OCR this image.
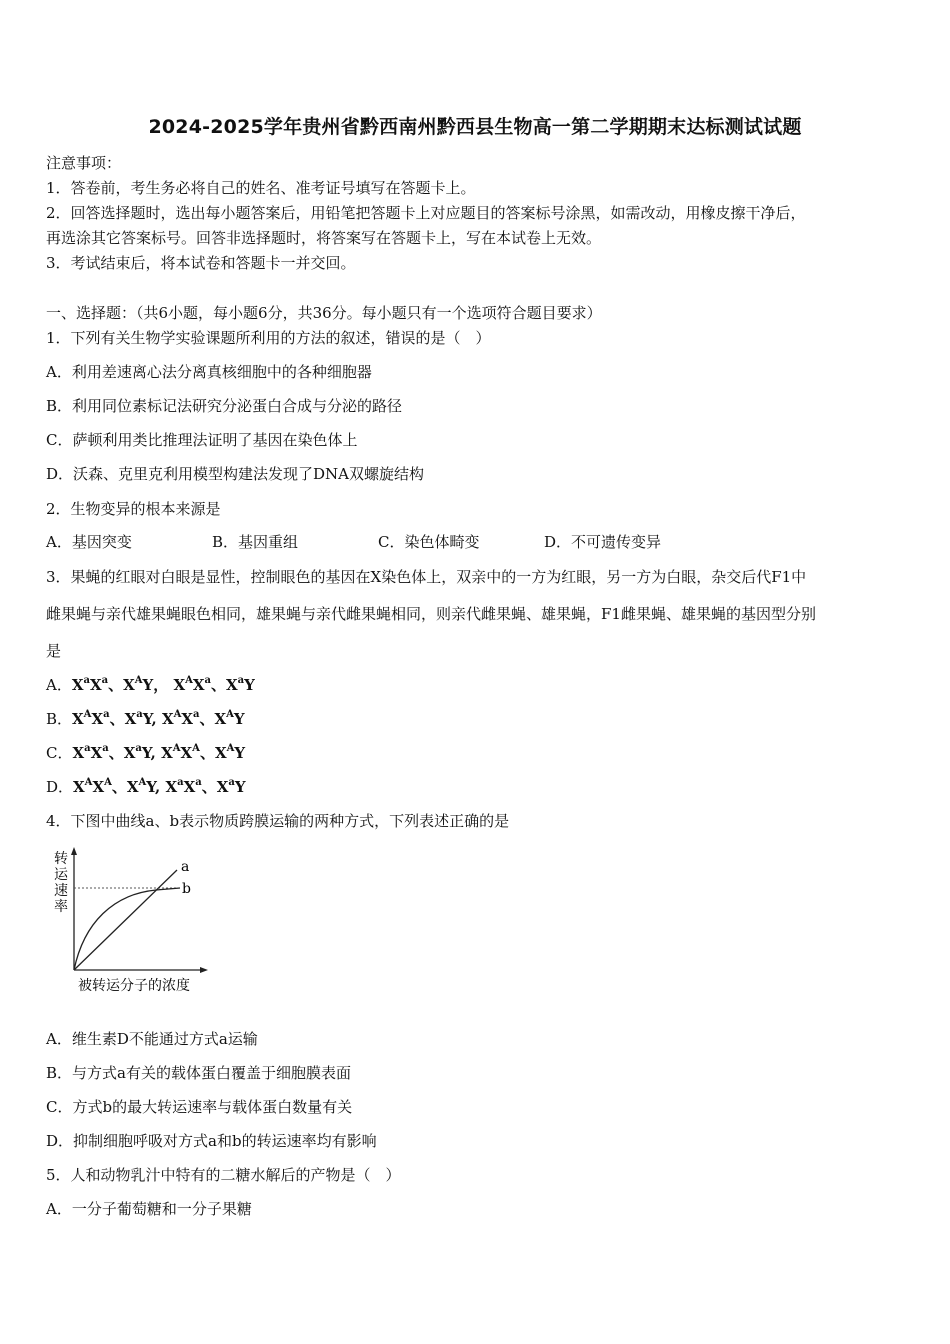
2024-2025学年贵州省黔西南州黔西县生物高一第二学期期末达标测试试题
注意事项：
1．答卷前，考生务必将自己的姓名、准考证号填写在答题卡上。
2．回答选择题时，选出每小题答案后，用铅笔把答题卡上对应题目的答案标号涂黑，如需改动，用橡皮擦干净后，
再选涂其它答案标号。回答非选择题时，将答案写在答题卡上，写在本试卷上无效。
3．考试结束后，将本试卷和答题卡一并交回。
一、选择题：（共6小题，每小题6分，共36分。每小题只有一个选项符合题目要求）
1．下列有关生物学实验课题所利用的方法的叙述，错误的是（　）
A．利用差速离心法分离真核细胞中的各种细胞器
B．利用同位素标记法研究分泌蛋白合成与分泌的路径
C．萨顿利用类比推理法证明了基因在染色体上
D．沃森、克里克利用模型构建法发现了DNA双螺旋结构
2．生物变异的根本来源是
A．基因突变	B．基因重组	C．染色体畸变	D．不可遗传变异
3．果蝇的红眼对白眼是显性，控制眼色的基因在X染色体上，双亲中的一方为红眼，另一方为白眼，杂交后代F1中
雌果蝇与亲代雄果蝇眼色相同，雄果蝇与亲代雌果蝇相同，则亲代雌果蝇、雄果蝇，F1雌果蝇、雄果蝇的基因型分别
是
A．$X^aX^a$、$X^AY$， $X^AX^a$、$X^aY$
B．$X^AX^a$、$X^aY$, $X^AX^a$、$X^AY$
C．$X^aX^a$、$X^aY$, $X^AX^A$、$X^AY$
D．$X^AX^A$、$X^AY$, $X^aX^a$、$X^aY$
4．下图中曲线a、b表示物质跨膜运输的两种方式，下列表述正确的是
转
运
速
率
a
b
被转运分子的浓度
A．维生素D不能通过方式a运输
B．与方式a有关的载体蛋白覆盖于细胞膜表面
C．方式b的最大转运速率与载体蛋白数量有关
D．抑制细胞呼吸对方式a和b的转运速率均有影响
5．人和动物乳汁中特有的二糖水解后的产物是（　）
A．一分子葡萄糖和一分子果糖
